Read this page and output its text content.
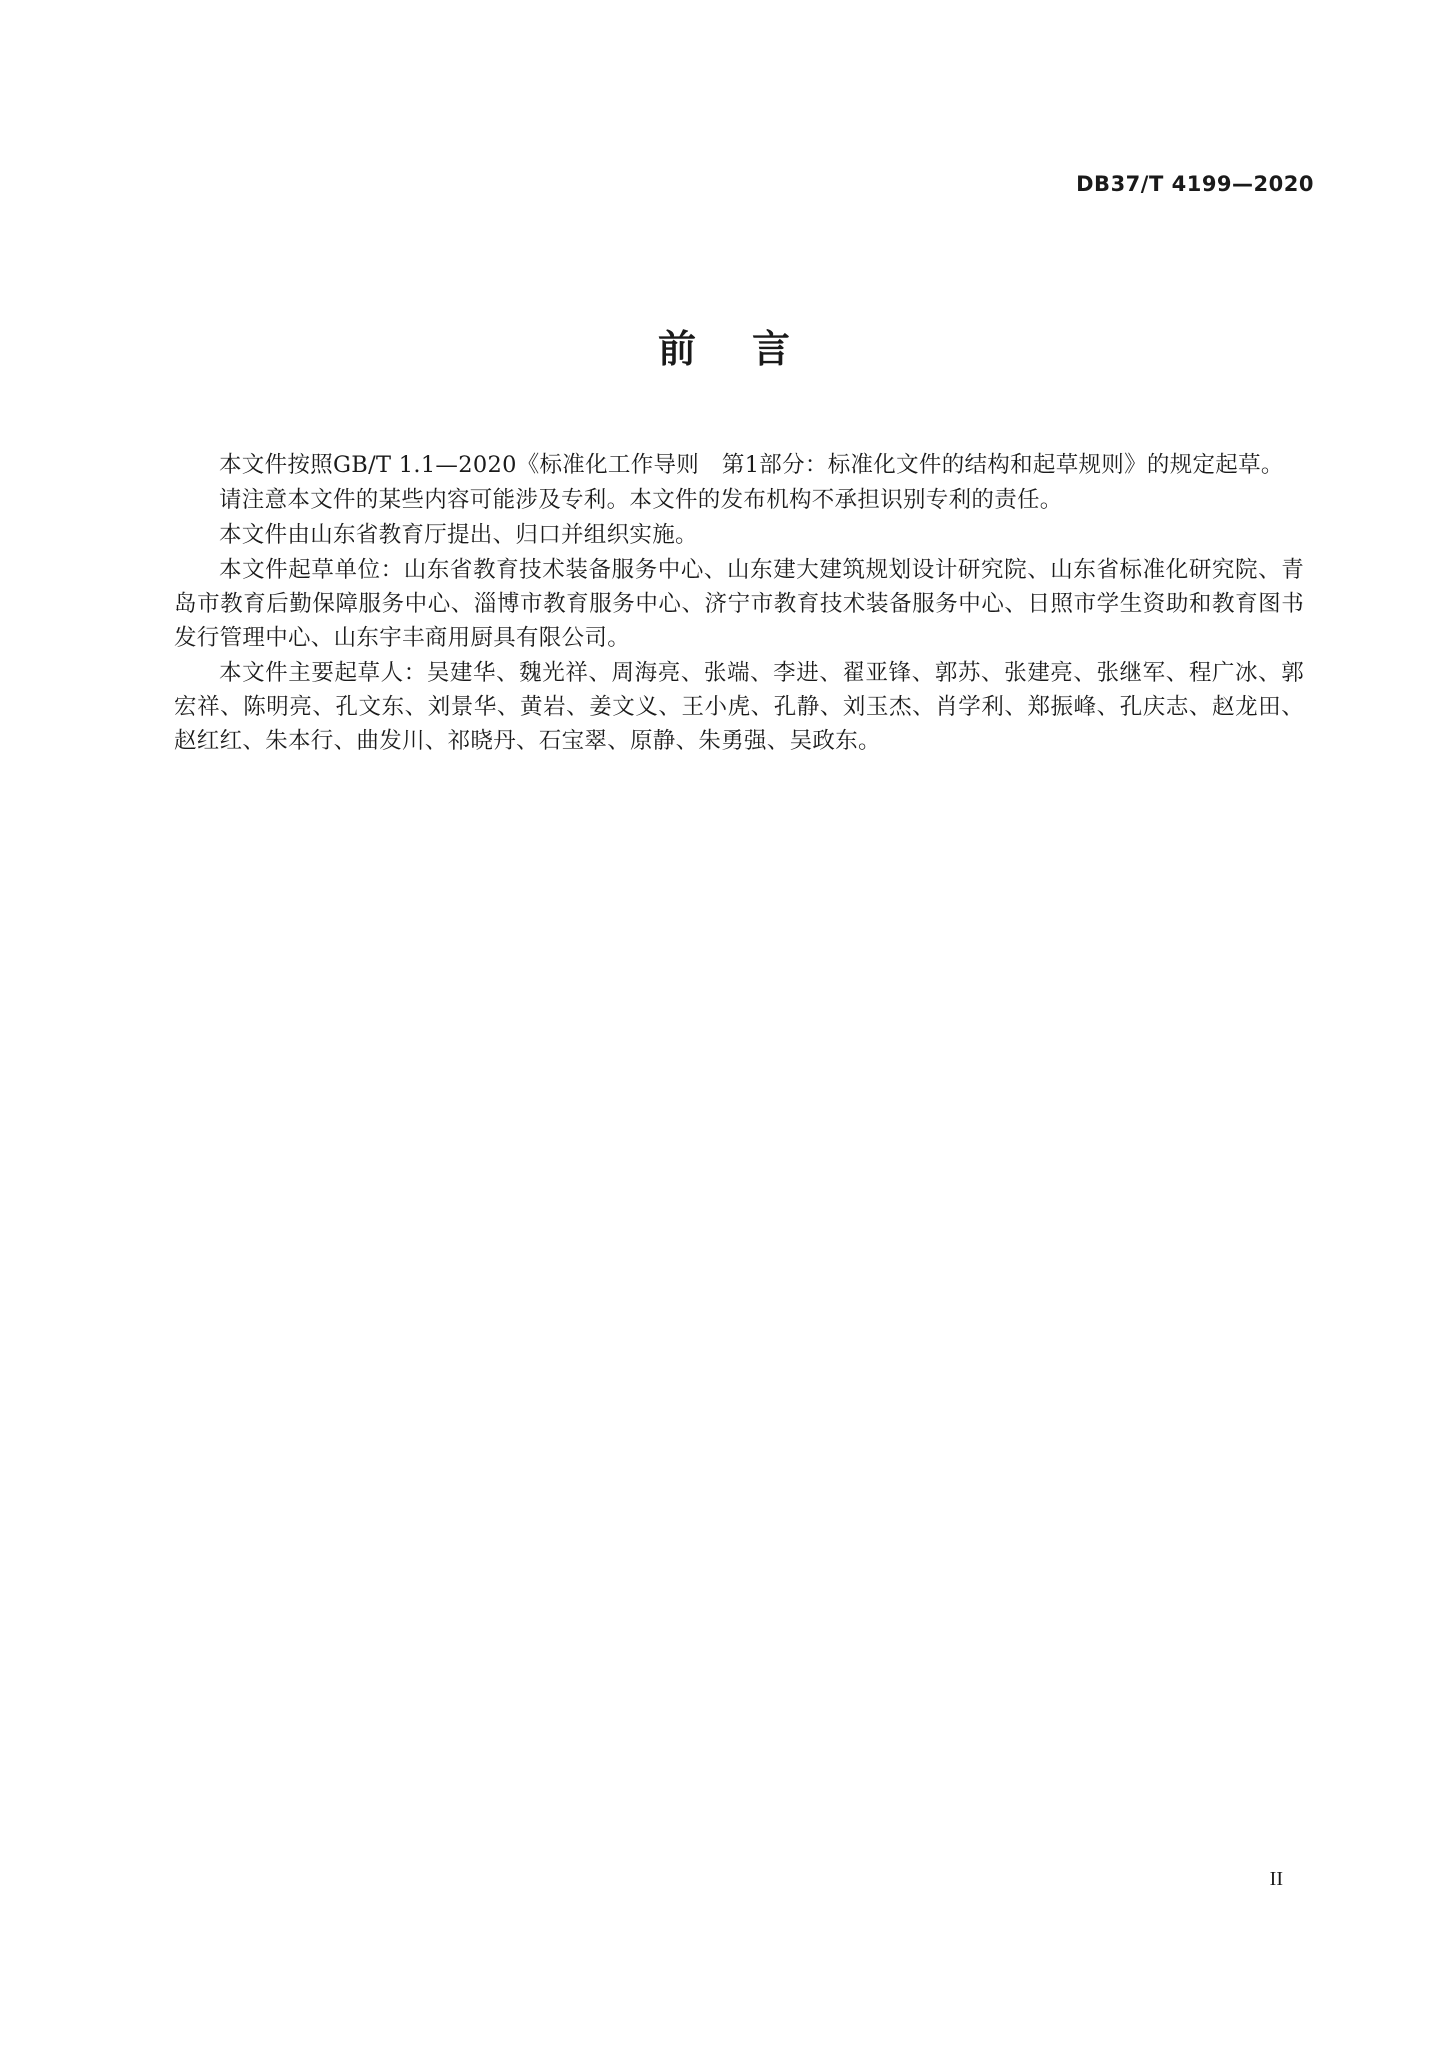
DB37/T 4199—2020
前 言

本文件按照GB/T 1.1—2020《标准化工作导则　第1部分：标准化文件的结构和起草规则》的规定起草。

请注意本文件的某些内容可能涉及专利。本文件的发布机构不承担识别专利的责任。

本文件由山东省教育厅提出、归口并组织实施。

本文件起草单位：山东省教育技术装备服务中心、山东建大建筑规划设计研究院、山东省标准化研究院、青岛市教育后勤保障服务中心、淄博市教育服务中心、济宁市教育技术装备服务中心、日照市学生资助和教育图书发行管理中心、山东宇丰商用厨具有限公司。

本文件主要起草人：吴建华、魏光祥、周海亮、张端、李进、翟亚锋、郭苏、张建亮、张继军、程广冰、郭宏祥、陈明亮、孔文东、刘景华、黄岩、姜文义、王小虎、孔静、刘玉杰、肖学利、郑振峰、孔庆志、赵龙田、赵红红、朱本行、曲发川、祁晓丹、石宝翠、原静、朱勇强、吴政东。

II
